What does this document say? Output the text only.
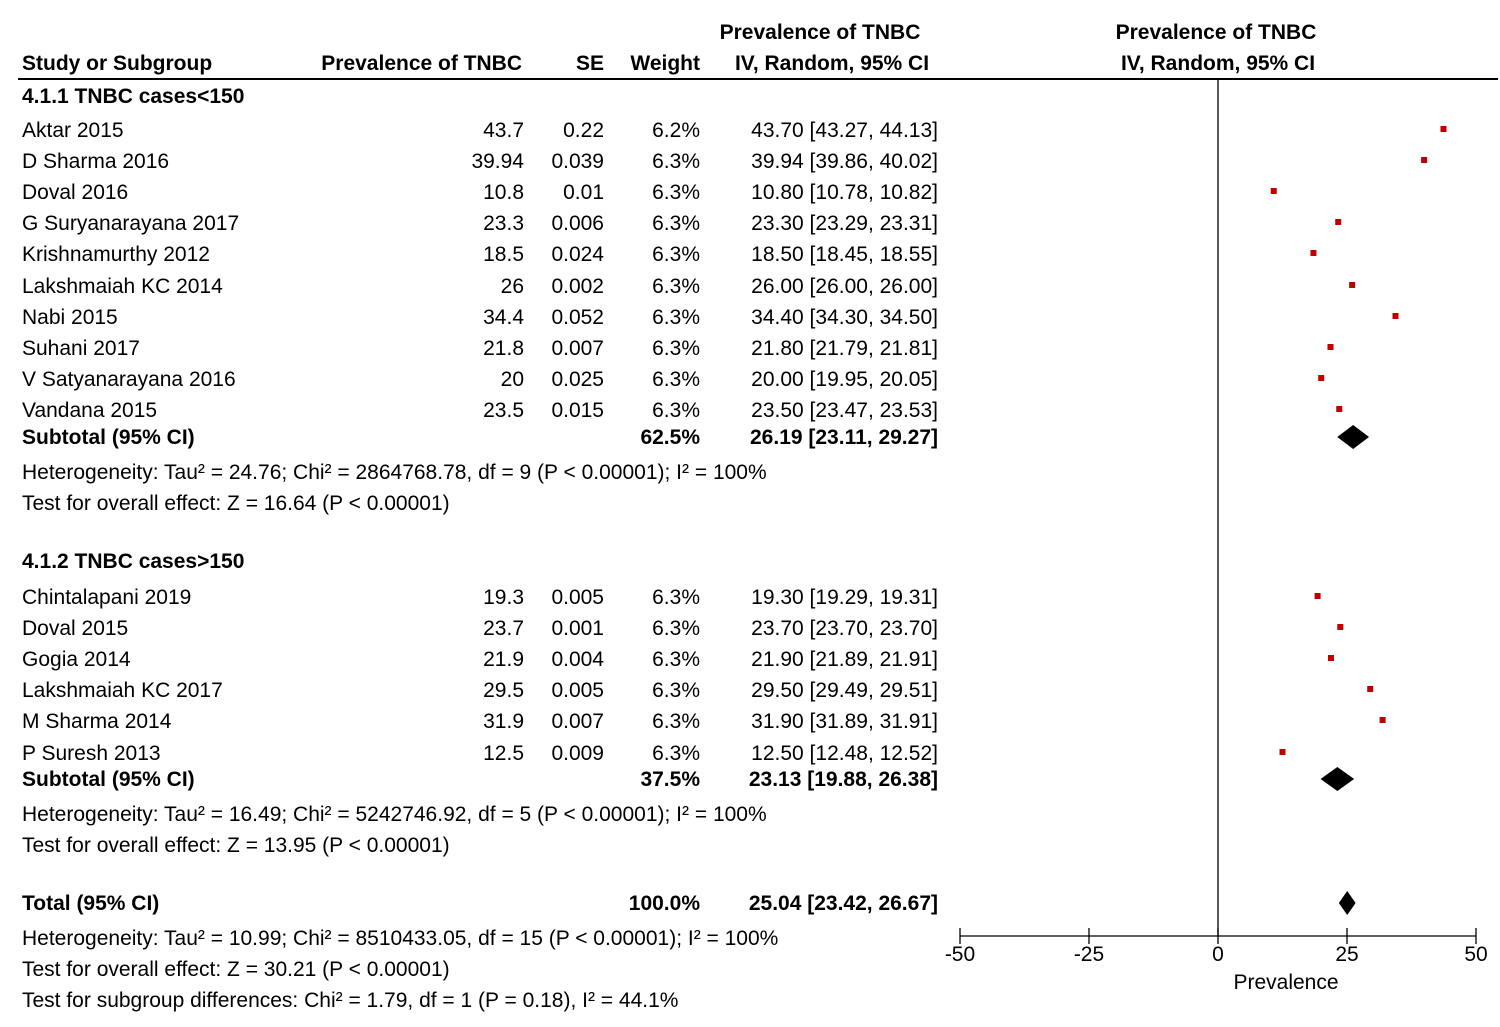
Prevalence of TNBC	Prevalence of TNBC
Study or Subgroup	Prevalence of TNBC	SE	Weight	IV, Random, 95% CI	IV, Random, 95% CI
4.1.1 TNBC cases<150
Aktar 2015	43.7	0.22	6.2%	43.70 [43.27, 44.13]
D Sharma 2016	39.94	0.039	6.3%	39.94 [39.86, 40.02]
Doval 2016	10.8	0.01	6.3%	10.80 [10.78, 10.82]
G Suryanarayana 2017	23.3	0.006	6.3%	23.30 [23.29, 23.31]
Krishnamurthy 2012	18.5	0.024	6.3%	18.50 [18.45, 18.55]
Lakshmaiah KC 2014	26	0.002	6.3%	26.00 [26.00, 26.00]
Nabi 2015	34.4	0.052	6.3%	34.40 [34.30, 34.50]
Suhani 2017	21.8	0.007	6.3%	21.80 [21.79, 21.81]
V Satyanarayana 2016	20	0.025	6.3%	20.00 [19.95, 20.05]
Vandana 2015	23.5	0.015	6.3%	23.50 [23.47, 23.53]
Subtotal (95% CI)	62.5%	26.19 [23.11, 29.27]
Heterogeneity: Tau² = 24.76; Chi² = 2864768.78, df = 9 (P < 0.00001); I² = 100%
Test for overall effect: Z = 16.64 (P < 0.00001)
4.1.2 TNBC cases>150
Chintalapani 2019	19.3	0.005	6.3%	19.30 [19.29, 19.31]
Doval 2015	23.7	0.001	6.3%	23.70 [23.70, 23.70]
Gogia 2014	21.9	0.004	6.3%	21.90 [21.89, 21.91]
Lakshmaiah KC 2017	29.5	0.005	6.3%	29.50 [29.49, 29.51]
M Sharma 2014	31.9	0.007	6.3%	31.90 [31.89, 31.91]
P Suresh 2013	12.5	0.009	6.3%	12.50 [12.48, 12.52]
Subtotal (95% CI)	37.5%	23.13 [19.88, 26.38]
Heterogeneity: Tau² = 16.49; Chi² = 5242746.92, df = 5 (P < 0.00001); I² = 100%
Test for overall effect: Z = 13.95 (P < 0.00001)
Total (95% CI)	100.0%	25.04 [23.42, 26.67]
Heterogeneity: Tau² = 10.99; Chi² = 8510433.05, df = 15 (P < 0.00001); I² = 100%
Test for overall effect: Z = 30.21 (P < 0.00001)
Test for subgroup differences: Chi² = 1.79, df = 1 (P = 0.18), I² = 44.1%
-50	-25	0	25	50
Prevalence
